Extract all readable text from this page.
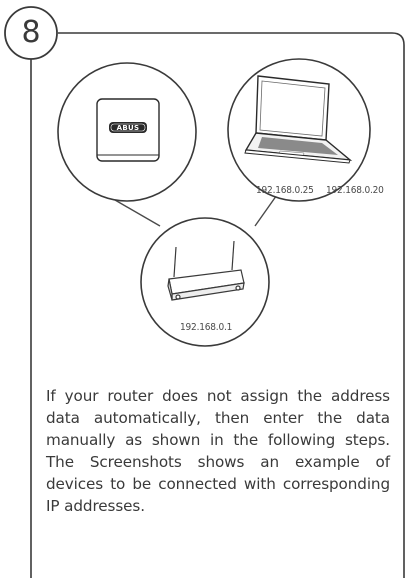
ABUS
8
192.168.0.25 192.168.0.20
192.168.0.1

If your router does not assign the address data automatically, then enter the data manually as shown in the following steps. The Screenshots shows an example of devices to be connected with corresponding IP addresses.
